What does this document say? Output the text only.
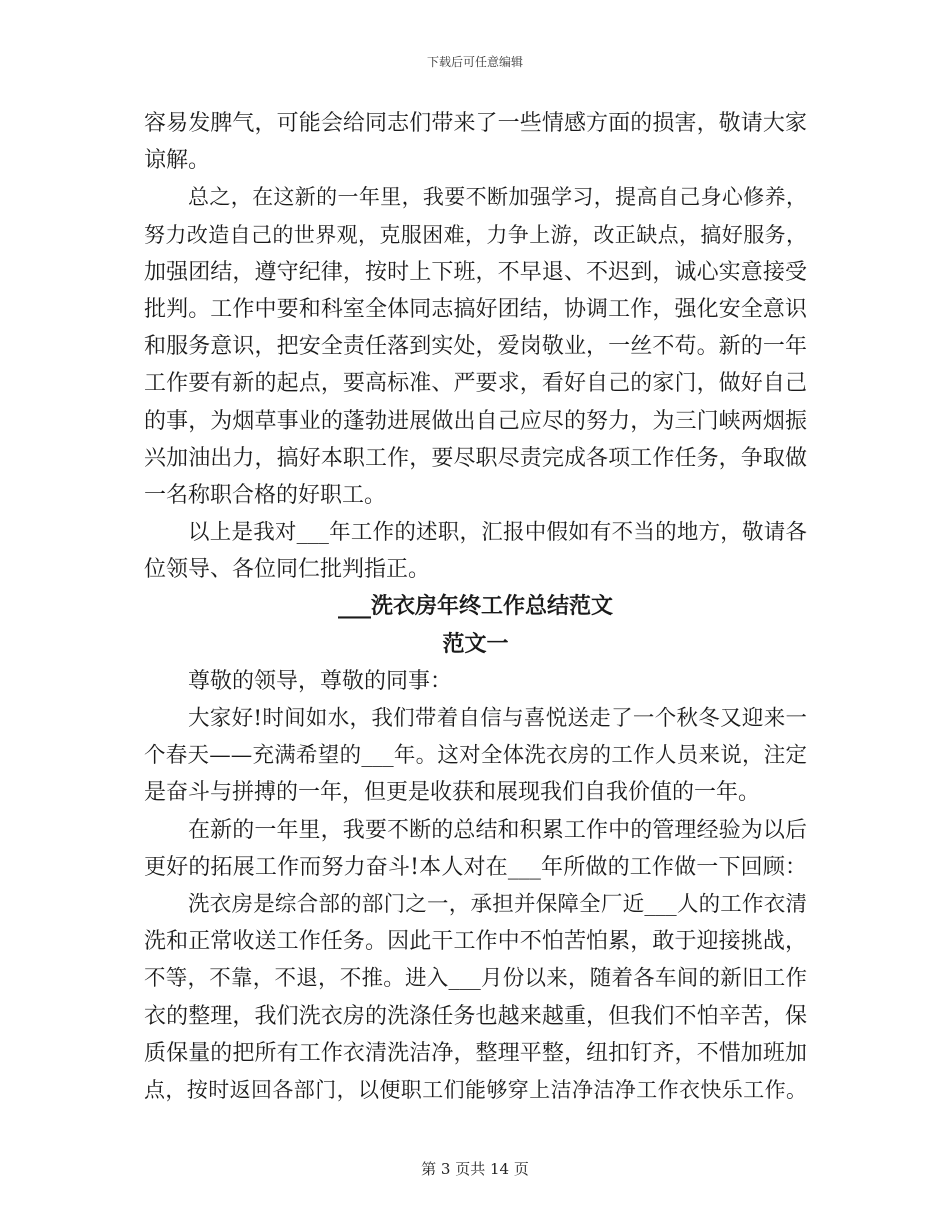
下载后可任意编辑
容易发脾气，可能会给同志们带来了一些情感方面的损害，敬请大家
谅解。
总之，在这新的一年里，我要不断加强学习，提高自己身心修养，
努力改造自己的世界观，克服困难，力争上游，改正缺点，搞好服务，
加强团结，遵守纪律，按时上下班，不早退、不迟到，诚心实意接受
批判。工作中要和科室全体同志搞好团结，协调工作，强化安全意识
和服务意识，把安全责任落到实处，爱岗敬业，一丝不苟。新的一年
工作要有新的起点，要高标准、严要求，看好自己的家门，做好自己
的事，为烟草事业的蓬勃进展做出自己应尽的努力，为三门峡两烟振
兴加油出力，搞好本职工作，要尽职尽责完成各项工作任务，争取做
一名称职合格的好职工。
以上是我对___年工作的述职，汇报中假如有不当的地方，敬请各
位领导、各位同仁批判指正。
___洗衣房年终工作总结范文
范文一
尊敬的领导，尊敬的同事：
大家好!时间如水，我们带着自信与喜悦送走了一个秋冬又迎来一
个春天——充满希望的___年。这对全体洗衣房的工作人员来说，注定
是奋斗与拼搏的一年，但更是收获和展现我们自我价值的一年。
在新的一年里，我要不断的总结和积累工作中的管理经验为以后
更好的拓展工作而努力奋斗!本人对在___年所做的工作做一下回顾：
洗衣房是综合部的部门之一，承担并保障全厂近___人的工作衣清
洗和正常收送工作任务。因此干工作中不怕苦怕累，敢于迎接挑战，
不等，不靠，不退，不推。进入___月份以来，随着各车间的新旧工作
衣的整理，我们洗衣房的洗涤任务也越来越重，但我们不怕辛苦，保
质保量的把所有工作衣清洗洁净，整理平整，纽扣钉齐，不惜加班加
点，按时返回各部门，以便职工们能够穿上洁净洁净工作衣快乐工作。
第 3 页共 14 页
